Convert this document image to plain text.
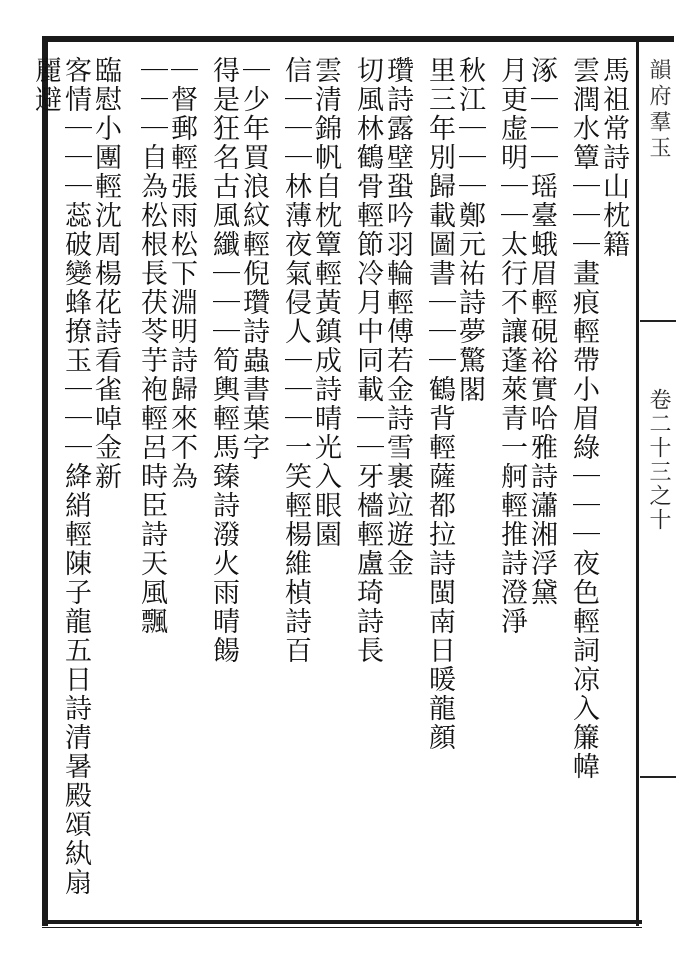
韻府羣玉
卷二十三之十
馬祖常詩山枕籍
雲潤水簟｜｜｜畫痕輕帶小眉綠｜｜｜夜色輕詞凉入簾幃
涿｜｜｜瑶臺蛾眉輕硯裕實哈雅詩瀟湘浮黛
月更虚明｜｜太行不讓蓬萊青一舸輕推詩澄淨
秋江｜｜｜鄭元祐詩夢驚閣
里三年別歸載圖書｜｜｜鶴背輕薩都拉詩閩南日暖龍顔
瓚詩露壁蛩吟羽輪輕傅若金詩雪裹竝遊金
切風林鶴骨輕節冷月中同載｜｜牙檣輕盧琦詩長
雲清錦帆自枕簟輕黃鎮成詩晴光入眼園
信｜｜｜林薄夜氣侵人｜｜｜一笑輕楊維楨詩百
｜少年買浪紋輕倪瓚詩蟲書葉字
得是狂名古風纖｜｜｜筍輿輕馬臻詩潑火雨晴餳
｜督郵輕張雨松下淵明詩歸來不為
｜｜｜自為松根長茯苓芋袍輕呂時臣詩天風飄
臨慰小團輕沈周楊花詩看雀啅金新
客情｜｜｜蕊破變蜂撩玉｜｜｜絳綃輕陳子龍五日詩清暑殿頌紈扇麗避
